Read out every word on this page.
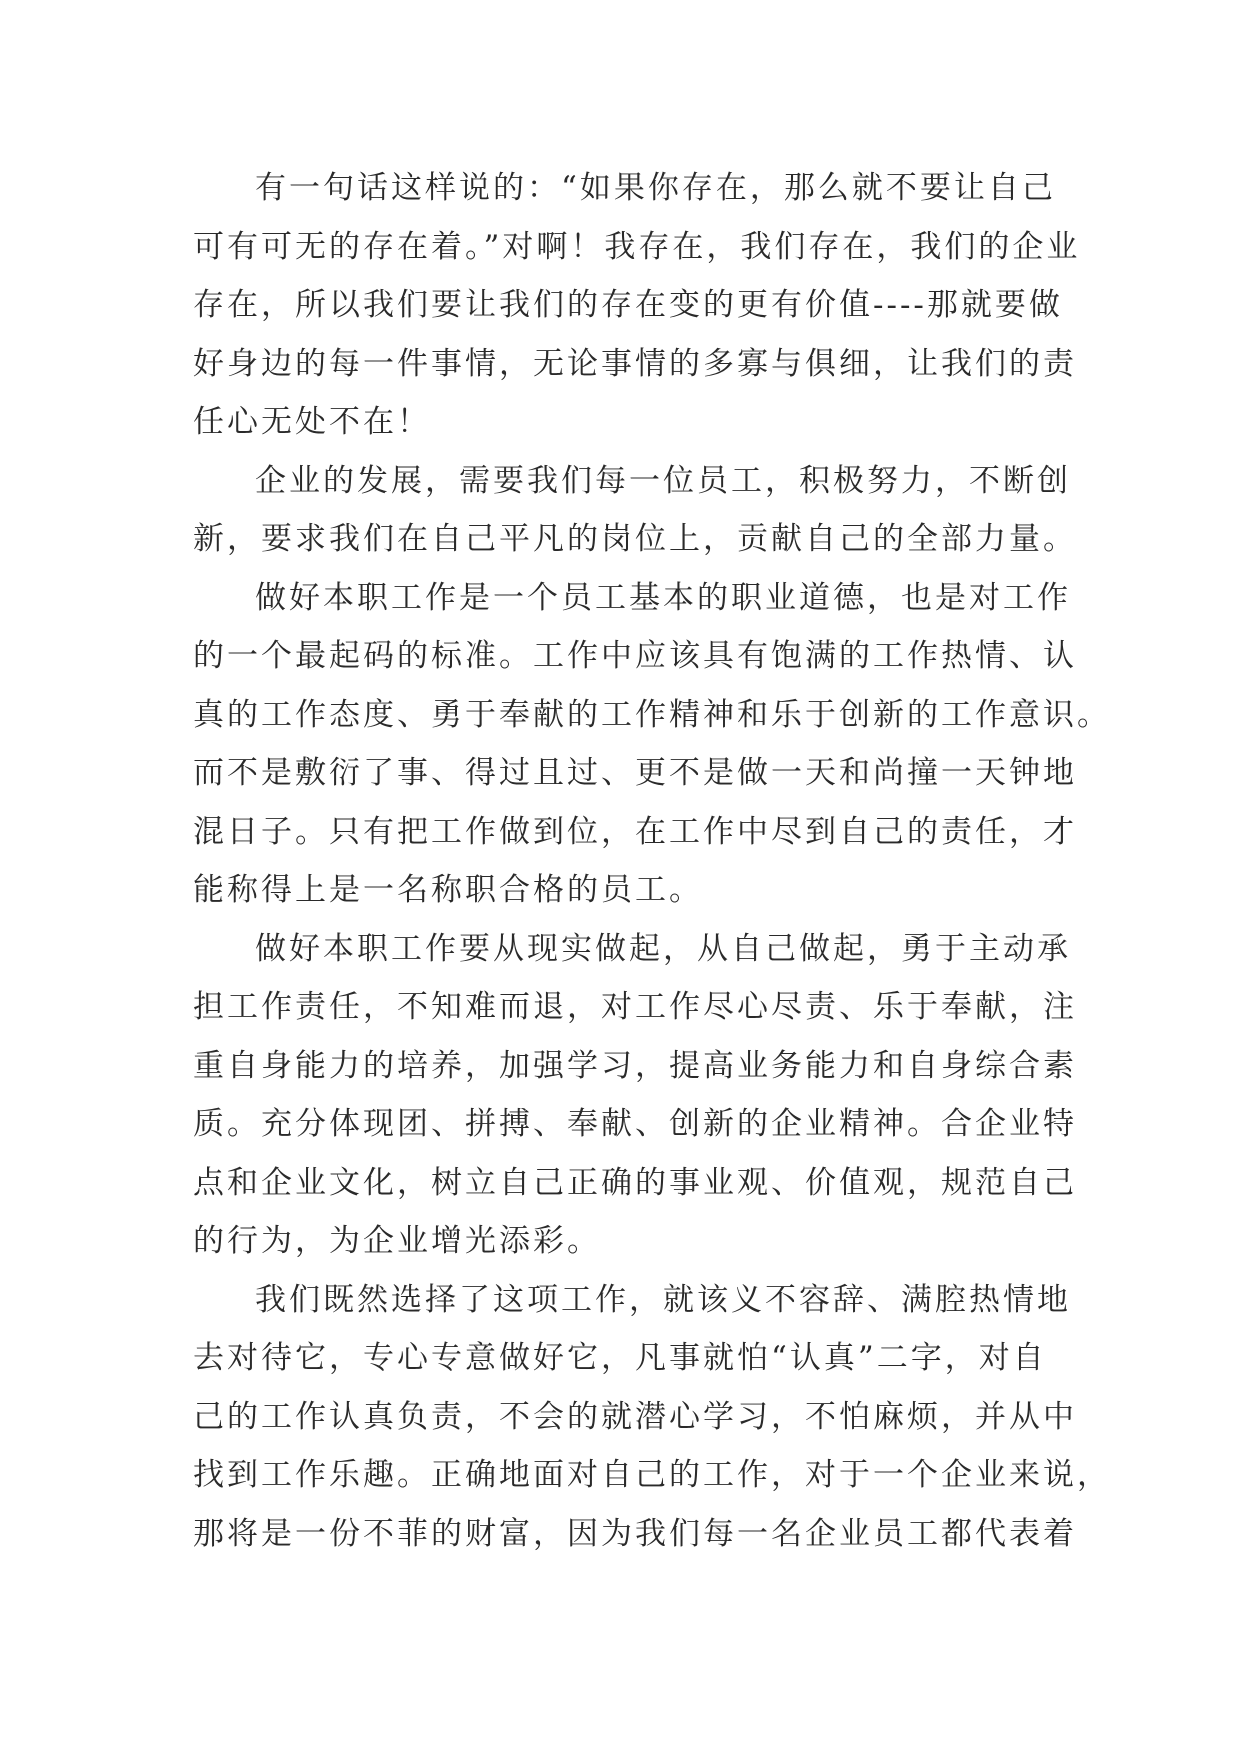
有一句话这样说的：“如果你存在，那么就不要让自己
可有可无的存在着。”对啊！我存在，我们存在，我们的企业
存在，所以我们要让我们的存在变的更有价值----那就要做
好身边的每一件事情，无论事情的多寡与俱细，让我们的责
任心无处不在！
企业的发展，需要我们每一位员工，积极努力，不断创
新，要求我们在自己平凡的岗位上，贡献自己的全部力量。
做好本职工作是一个员工基本的职业道德，也是对工作
的一个最起码的标准。工作中应该具有饱满的工作热情、认
真的工作态度、勇于奉献的工作精神和乐于创新的工作意识。
而不是敷衍了事、得过且过、更不是做一天和尚撞一天钟地
混日子。只有把工作做到位，在工作中尽到自己的责任，才
能称得上是一名称职合格的员工。
做好本职工作要从现实做起，从自己做起，勇于主动承
担工作责任，不知难而退，对工作尽心尽责、乐于奉献，注
重自身能力的培养，加强学习，提高业务能力和自身综合素
质。充分体现团、拼搏、奉献、创新的企业精神。合企业特
点和企业文化，树立自己正确的事业观、价值观，规范自己
的行为，为企业增光添彩。
我们既然选择了这项工作，就该义不容辞、满腔热情地
去对待它，专心专意做好它，凡事就怕“认真”二字，对自
己的工作认真负责，不会的就潜心学习，不怕麻烦，并从中
找到工作乐趣。正确地面对自己的工作，对于一个企业来说，
那将是一份不菲的财富，因为我们每一名企业员工都代表着
